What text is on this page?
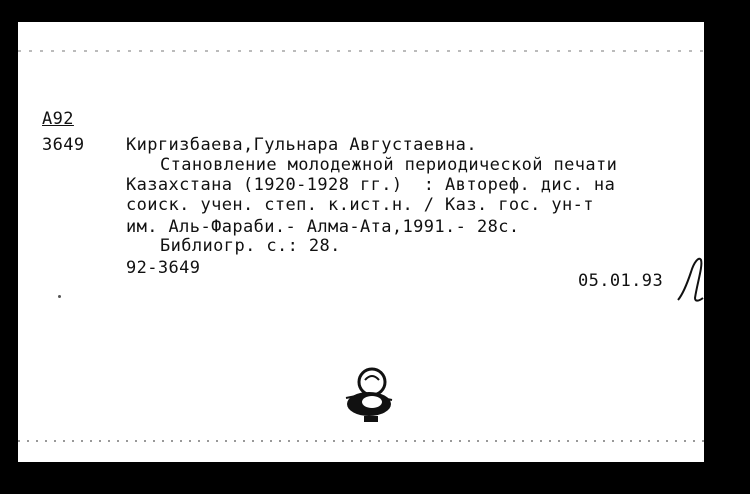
A92
3649 Киргизбаева,Гульнара Августаевна.
Становление молодежной периодической печати
Казахстана (1920-1928 гг.)  : Автореф. дис. на
соиск. учен. степ. к.ист.н. / Каз. гос. ун-т
им. Аль-Фараби.- Алма-Ата,1991.- 28с.
Библиогр. с.: 28.
92-3649
05.01.93
